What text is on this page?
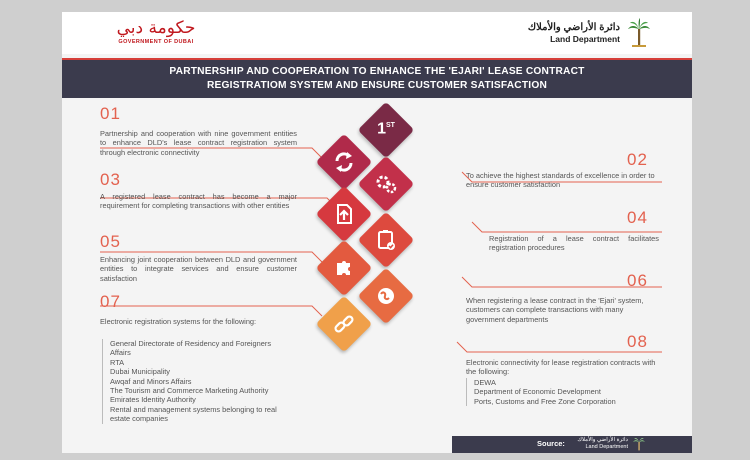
حكومة دبي
GOVERNMENT OF DUBAI
دائرة الأراضي والأملاك
Land Department
PARTNERSHIP AND COOPERATION TO ENHANCE THE 'EJARI' LEASE CONTRACT
REGISTRATIOM SYSTEM AND ENSURE CUSTOMER SATISFACTION
01
Partnership and cooperation with nine government entities to enhance DLD's lease contract registration system through electronic connectivity	02
To achieve the highest standards of excellence in order to ensure customer satisfaction
03
A registered lease contract has become a major requirement for completing transactions with other entities
04
Registration of a lease contract facilitates registration procedures
05
Enhancing joint cooperation between DLD and government entities to integrate services and ensure customer satisfaction	06
When registering a lease contract in the 'Ejari' system, customers can complete transactions with many government departments
07
Electronic registration systems for the following:
General Directorate of Residency and Foreigners Affairs
RTA
Dubai Municipality
Awqaf and Minors Affairs
The Tourism and Commerce Marketing Authority
Emirates Identity Authority
Rental and management systems belonging to real estate companies
08
Electronic connectivity for lease registration contracts with the following:
DEWA
Department of Economic Development
Ports, Customs and Free Zone Corporation
1ST
Source:	دائرة الأراضي والأملاك
Land Department
